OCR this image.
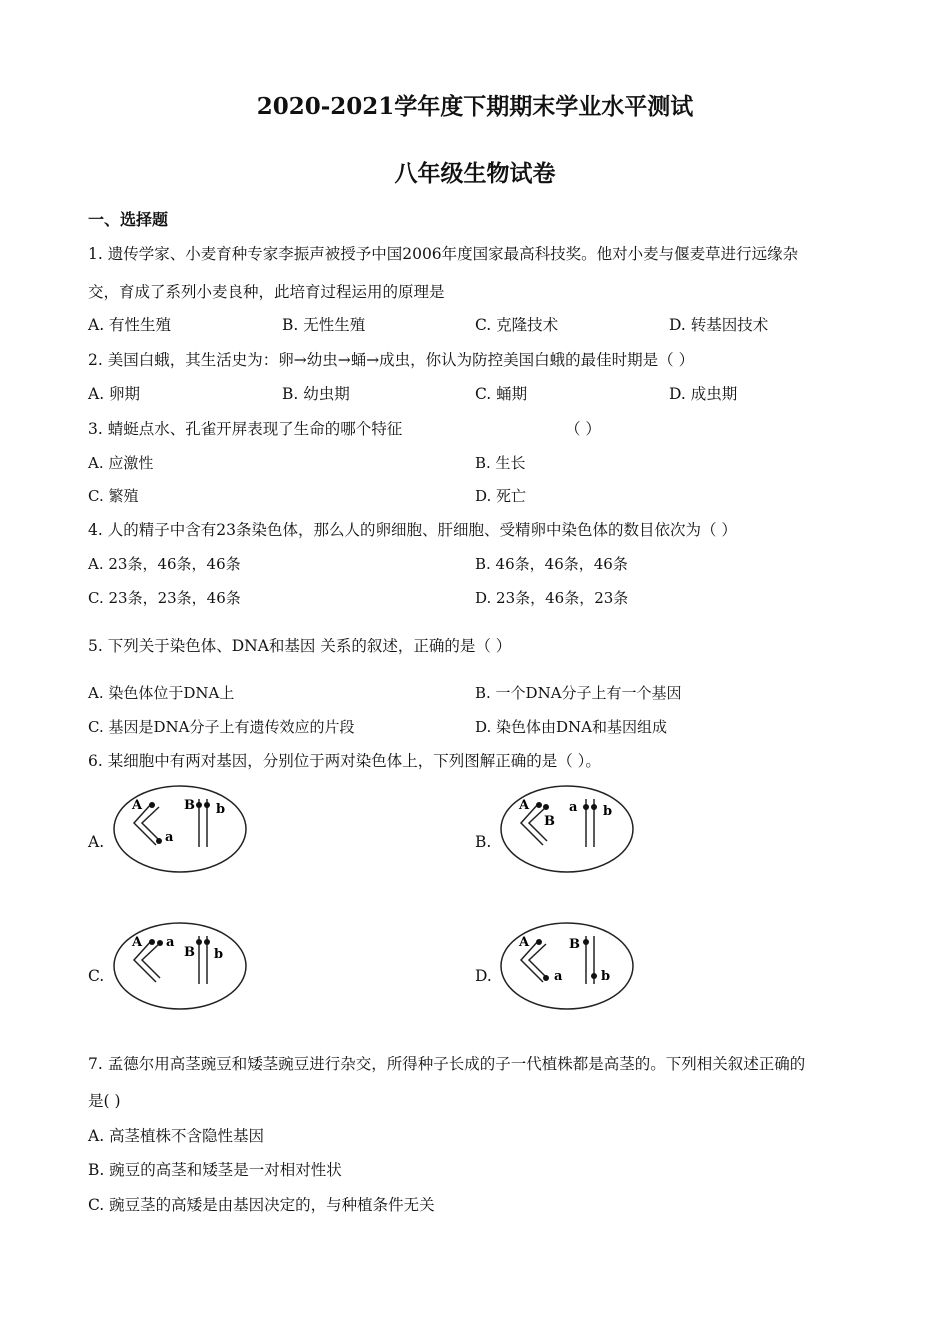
2020-2021学年度下期期末学业水平测试
八年级生物试卷
一、选择题
1. 遗传学家、小麦育种专家李振声被授予中国2006年度国家最高科技奖。他对小麦与偃麦草进行远缘杂
交，育成了系列小麦良种，此培育过程运用的原理是
A. 有性生殖	B. 无性生殖	C. 克隆技术	D. 转基因技术
2. 美国白蛾，其生活史为：卵→幼虫→蛹→成虫，你认为防控美国白蛾的最佳时期是（ ）
A. 卵期	B. 幼虫期	C. 蛹期	D. 成虫期
3. 蜻蜓点水、孔雀开屏表现了生命的哪个特征	（ ）
A. 应激性	B. 生长
C. 繁殖	D. 死亡
4. 人的精子中含有23条染色体，那么人的卵细胞、肝细胞、受精卵中染色体的数目依次为（ ）
A. 23条，46条，46条	B. 46条，46条，46条
C. 23条，23条，46条	D. 23条，46条，23条
5. 下列关于染色体、DNA和基因 关系的叙述，正确的是（ ）
A. 染色体位于DNA上	B. 一个DNA分子上有一个基因
C. 基因是DNA分子上有遗传效应的片段	D. 染色体由DNA和基因组成
6. 某细胞中有两对基因，分别位于两对染色体上，下列图解正确的是（ ）。
A.	B.
C.	D.
A
a
B b	A
B
a b
A a
B b
A
a
B
b
7. 孟德尔用高茎豌豆和矮茎豌豆进行杂交，所得种子长成的子一代植株都是高茎的。下列相关叙述正确的
是( )
A. 高茎植株不含隐性基因
B. 豌豆的高茎和矮茎是一对相对性状
C. 豌豆茎的高矮是由基因决定的，与种植条件无关
